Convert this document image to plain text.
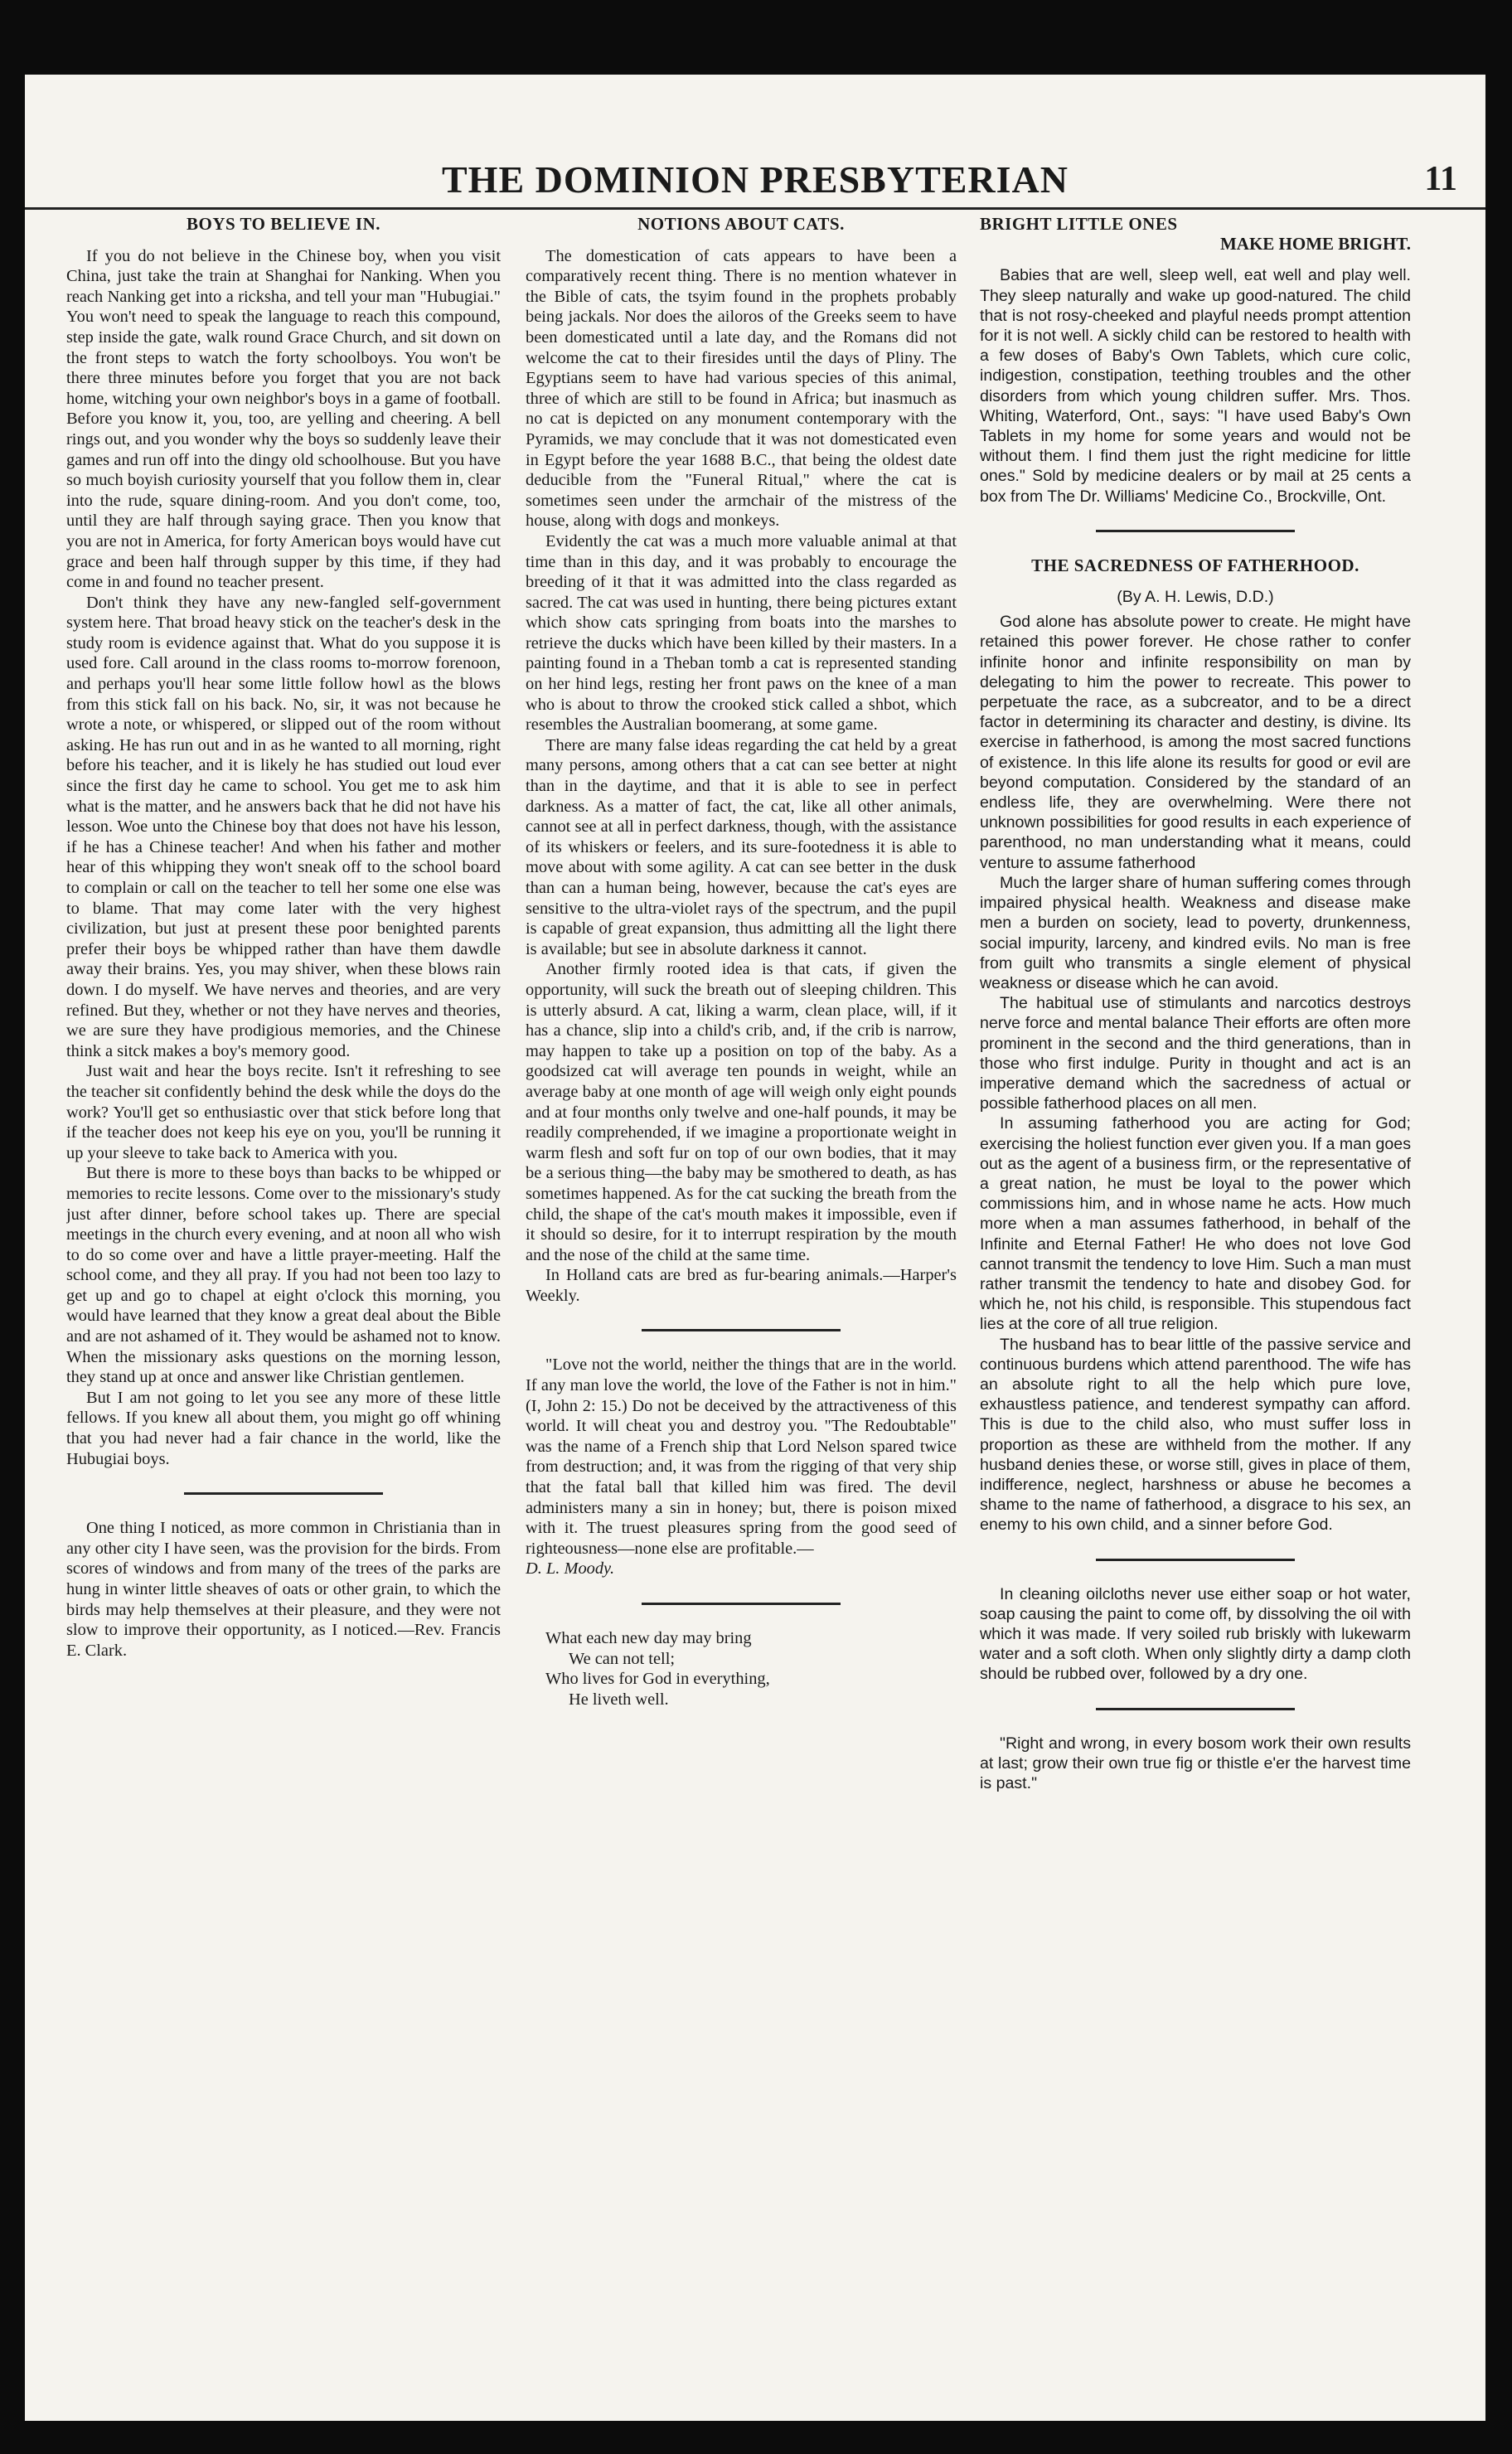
THE DOMINION PRESBYTERIAN	11
BOYS TO BELIEVE IN.

If you do not believe in the Chinese boy, when you visit China, just take the train at Shanghai for Nanking. When you reach Nanking get into a ricksha, and tell your man "Hubugiai." You won't need to speak the language to reach this compound, step inside the gate, walk round Grace Church, and sit down on the front steps to watch the forty schoolboys. You won't be there three minutes before you forget that you are not back home, witching your own neighbor's boys in a game of football. Before you know it, you, too, are yelling and cheering. A bell rings out, and you wonder why the boys so suddenly leave their games and run off into the dingy old schoolhouse. But you have so much boyish curiosity yourself that you follow them in, clear into the rude, square dining-room. And you don't come, too, until they are half through saying grace. Then you know that you are not in America, for forty American boys would have cut grace and been half through supper by this time, if they had come in and found no teacher present.

Don't think they have any new-fangled self-government system here. That broad heavy stick on the teacher's desk in the study room is evidence against that. What do you suppose it is used fore. Call around in the class rooms to-morrow forenoon, and perhaps you'll hear some little follow howl as the blows from this stick fall on his back. No, sir, it was not because he wrote a note, or whispered, or slipped out of the room without asking. He has run out and in as he wanted to all morning, right before his teacher, and it is likely he has studied out loud ever since the first day he came to school. You get me to ask him what is the matter, and he answers back that he did not have his lesson. Woe unto the Chinese boy that does not have his lesson, if he has a Chinese teacher! And when his father and mother hear of this whipping they won't sneak off to the school board to complain or call on the teacher to tell her some one else was to blame. That may come later with the very highest civilization, but just at present these poor benighted parents prefer their boys be whipped rather than have them dawdle away their brains. Yes, you may shiver, when these blows rain down. I do myself. We have nerves and theories, and are very refined. But they, whether or not they have nerves and theories, we are sure they have prodigious memories, and the Chinese think a sitck makes a boy's memory good.

Just wait and hear the boys recite. Isn't it refreshing to see the teacher sit confidently behind the desk while the doys do the work? You'll get so enthusiastic over that stick before long that if the teacher does not keep his eye on you, you'll be running it up your sleeve to take back to America with you.

But there is more to these boys than backs to be whipped or memories to recite lessons. Come over to the missionary's study just after dinner, before school takes up. There are special meetings in the church every evening, and at noon all who wish to do so come over and have a little prayer-meeting. Half the school come, and they all pray. If you had not been too lazy to get up and go to chapel at eight o'clock this morning, you would have learned that they know a great deal about the Bible and are not ashamed of it. They would be ashamed not to know. When the missionary asks questions on the morning lesson, they stand up at once and answer like Christian gentlemen.

But I am not going to let you see any more of these little fellows. If you knew all about them, you might go off whining that you had never had a fair chance in the world, like the Hubugiai boys.

One thing I noticed, as more common in Christiania than in any other city I have seen, was the provision for the birds. From scores of windows and from many of the trees of the parks are hung in winter little sheaves of oats or other grain, to which the birds may help themselves at their pleasure, and they were not slow to improve their opportunity, as I noticed.—Rev. Francis E. Clark.

NOTIONS ABOUT CATS.

The domestication of cats appears to have been a comparatively recent thing. There is no mention whatever in the Bible of cats, the tsyim found in the prophets probably being jackals. Nor does the ailoros of the Greeks seem to have been domesticated until a late day, and the Romans did not welcome the cat to their firesides until the days of Pliny. The Egyptians seem to have had various species of this animal, three of which are still to be found in Africa; but inasmuch as no cat is depicted on any monument contemporary with the Pyramids, we may conclude that it was not domesticated even in Egypt before the year 1688 B.C., that being the oldest date deducible from the "Funeral Ritual," where the cat is sometimes seen under the armchair of the mistress of the house, along with dogs and monkeys.

Evidently the cat was a much more valuable animal at that time than in this day, and it was probably to encourage the breeding of it that it was admitted into the class regarded as sacred. The cat was used in hunting, there being pictures extant which show cats springing from boats into the marshes to retrieve the ducks which have been killed by their masters. In a painting found in a Theban tomb a cat is represented standing on her hind legs, resting her front paws on the knee of a man who is about to throw the crooked stick called a shbot, which resembles the Australian boomerang, at some game.

There are many false ideas regarding the cat held by a great many persons, among others that a cat can see better at night than in the daytime, and that it is able to see in perfect darkness. As a matter of fact, the cat, like all other animals, cannot see at all in perfect darkness, though, with the assistance of its whiskers or feelers, and its sure-footedness it is able to move about with some agility. A cat can see better in the dusk than can a human being, however, because the cat's eyes are sensitive to the ultra-violet rays of the spectrum, and the pupil is capable of great expansion, thus admitting all the light there is available; but see in absolute darkness it cannot.

Another firmly rooted idea is that cats, if given the opportunity, will suck the breath out of sleeping children. This is utterly absurd. A cat, liking a warm, clean place, will, if it has a chance, slip into a child's crib, and, if the crib is narrow, may happen to take up a position on top of the baby. As a goodsized cat will average ten pounds in weight, while an average baby at one month of age will weigh only eight pounds and at four months only twelve and one-half pounds, it may be readily comprehended, if we imagine a proportionate weight in warm flesh and soft fur on top of our own bodies, that it may be a serious thing—the baby may be smothered to death, as has sometimes happened. As for the cat sucking the breath from the child, the shape of the cat's mouth makes it impossible, even if it should so desire, for it to interrupt respiration by the mouth and the nose of the child at the same time.

In Holland cats are bred as fur-bearing animals.—Harper's Weekly.

"Love not the world, neither the things that are in the world. If any man love the world, the love of the Father is not in him." (I, John 2: 15.) Do not be deceived by the attractiveness of this world. It will cheat you and destroy you. "The Redoubtable" was the name of a French ship that Lord Nelson spared twice from destruction; and, it was from the rigging of that very ship that the fatal ball that killed him was fired. The devil administers many a sin in honey; but, there is poison mixed with it. The truest pleasures spring from the good seed of righteousness—none else are profitable.—

D. L. Moody.

What each new day may bring

We can not tell;

Who lives for God in everything,

He liveth well.

BRIGHT LITTLE ONES
MAKE HOME BRIGHT.

Babies that are well, sleep well, eat well and play well. They sleep naturally and wake up good-natured. The child that is not rosy-cheeked and playful needs prompt attention for it is not well. A sickly child can be restored to health with a few doses of Baby's Own Tablets, which cure colic, indigestion, constipation, teething troubles and the other disorders from which young children suffer. Mrs. Thos. Whiting, Waterford, Ont., says: "I have used Baby's Own Tablets in my home for some years and would not be without them. I find them just the right medicine for little ones." Sold by medicine dealers or by mail at 25 cents a box from The Dr. Williams' Medicine Co., Brockville, Ont.

THE SACREDNESS OF FATHERHOOD.
(By A. H. Lewis, D.D.)

God alone has absolute power to create. He might have retained this power forever. He chose rather to confer infinite honor and infinite responsibility on man by delegating to him the power to recreate. This power to perpetuate the race, as a subcreator, and to be a direct factor in determining its character and destiny, is divine. Its exercise in fatherhood, is among the most sacred functions of existence. In this life alone its results for good or evil are beyond computation. Considered by the standard of an endless life, they are overwhelming. Were there not unknown possibilities for good results in each experience of parenthood, no man understanding what it means, could venture to assume fatherhood

Much the larger share of human suffering comes through impaired physical health. Weakness and disease make men a burden on society, lead to poverty, drunkenness, social impurity, larceny, and kindred evils. No man is free from guilt who transmits a single element of physical weakness or disease which he can avoid.

The habitual use of stimulants and narcotics destroys nerve force and mental balance Their efforts are often more prominent in the second and the third generations, than in those who first indulge. Purity in thought and act is an imperative demand which the sacredness of actual or possible fatherhood places on all men.

In assuming fatherhood you are acting for God; exercising the holiest function ever given you. If a man goes out as the agent of a business firm, or the representative of a great nation, he must be loyal to the power which commissions him, and in whose name he acts. How much more when a man assumes fatherhood, in behalf of the Infinite and Eternal Father! He who does not love God cannot transmit the tendency to love Him. Such a man must rather transmit the tendency to hate and disobey God. for which he, not his child, is responsible. This stupendous fact lies at the core of all true religion.

The husband has to bear little of the passive service and continuous burdens which attend parenthood. The wife has an absolute right to all the help which pure love, exhaustless patience, and tenderest sympathy can afford. This is due to the child also, who must suffer loss in proportion as these are withheld from the mother. If any husband denies these, or worse still, gives in place of them, indifference, neglect, harshness or abuse he becomes a shame to the name of fatherhood, a disgrace to his sex, an enemy to his own child, and a sinner before God.

In cleaning oilcloths never use either soap or hot water, soap causing the paint to come off, by dissolving the oil with which it was made. If very soiled rub briskly with lukewarm water and a soft cloth. When only slightly dirty a damp cloth should be rubbed over, followed by a dry one.

"Right and wrong, in every bosom work their own results at last; grow their own true fig or thistle e'er the harvest time is past."
